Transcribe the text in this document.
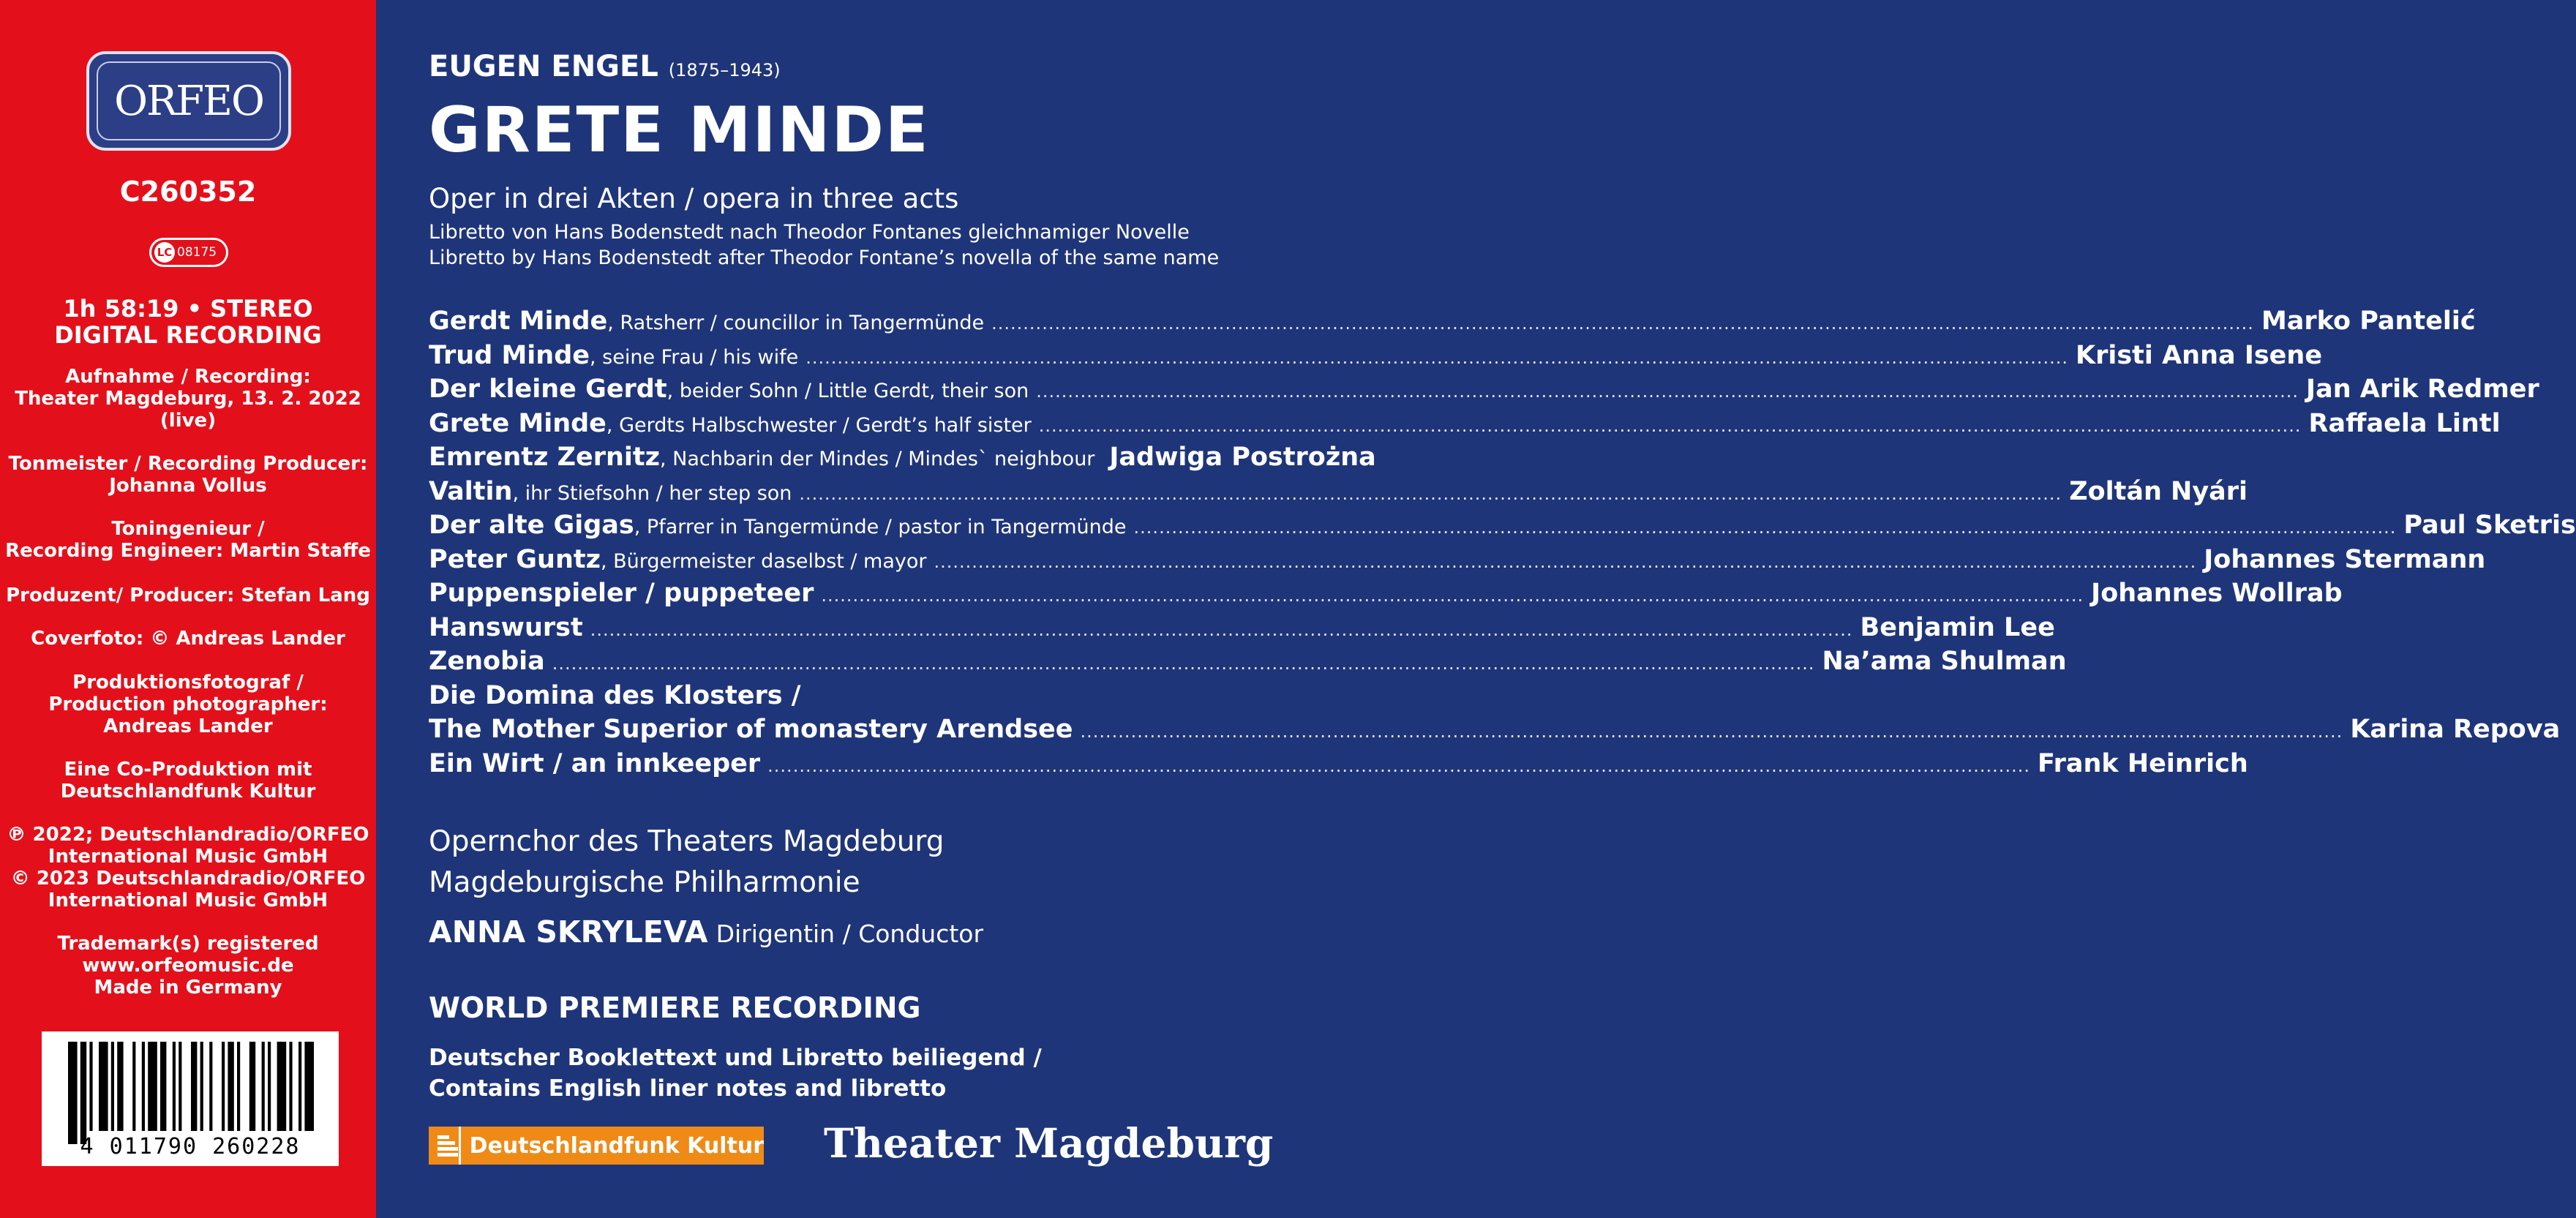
ORFEO
C260352
LC 08175
1h 58:19 • STEREO
DIGITAL RECORDING
Aufnahme / Recording:
Theater Magdeburg, 13. 2. 2022
(live)
Tonmeister / Recording Producer:
Johanna Vollus
Toningenieur /
Recording Engineer: Martin Staffe
Produzent/ Producer: Stefan Lang
Coverfoto: © Andreas Lander
Produktionsfotograf /
Production photographer:
Andreas Lander
Eine Co-Produktion mit
Deutschlandfunk Kultur
℗ 2022; Deutschlandradio/ORFEO
International Music GmbH
© 2023 Deutschlandradio/ORFEO
International Music GmbH
Trademark(s) registered
www.orfeomusic.de
Made in Germany
4 011790 260228
EUGEN ENGEL (1875–1943)
GRETE MINDE
Oper in drei Akten / opera in three acts
Libretto von Hans Bodenstedt nach Theodor Fontanes gleichnamiger Novelle
Libretto by Hans Bodenstedt after Theodor Fontane’s novella of the same name
Gerdt Minde , Ratsherr / councillor in Tangermünde ........................................................................................................................................................................................................ Marko Pantelić
Trud Minde , seine Frau / his wife ........................................................................................................................................................................................................ Kristi Anna Isene
Der kleine Gerdt , beider Sohn / Little Gerdt, their son ........................................................................................................................................................................................................ Jan Arik Redmer
Grete Minde , Gerdts Halbschwester / Gerdt’s half sister ........................................................................................................................................................................................................ Raffaela Lintl
Emrentz Zernitz , Nachbarin der Mindes / Mindes` neighbour Jadwiga Postrożna
Valtin , ihr Stiefsohn / her step son ........................................................................................................................................................................................................ Zoltán Nyári
Der alte Gigas , Pfarrer in Tangermünde / pastor in Tangermünde ........................................................................................................................................................................................................ Paul Sketris
Peter Guntz , Bürgermeister daselbst / mayor ........................................................................................................................................................................................................ Johannes Stermann
Puppenspieler / puppeteer ........................................................................................................................................................................................................ Johannes Wollrab
Hanswurst ........................................................................................................................................................................................................ Benjamin Lee
Zenobia ........................................................................................................................................................................................................ Na’ama Shulman
Die Domina des Klosters /
The Mother Superior of monastery Arendsee ........................................................................................................................................................................................................ Karina Repova
Ein Wirt / an innkeeper ........................................................................................................................................................................................................ Frank Heinrich
Opernchor des Theaters Magdeburg
Magdeburgische Philharmonie
ANNA SKRYLEVA Dirigentin / Conductor
WORLD PREMIERE RECORDING
Deutscher Booklettext und Libretto beiliegend /
Contains English liner notes and libretto
Deutschlandfunk Kultur Theater Magdeburg
